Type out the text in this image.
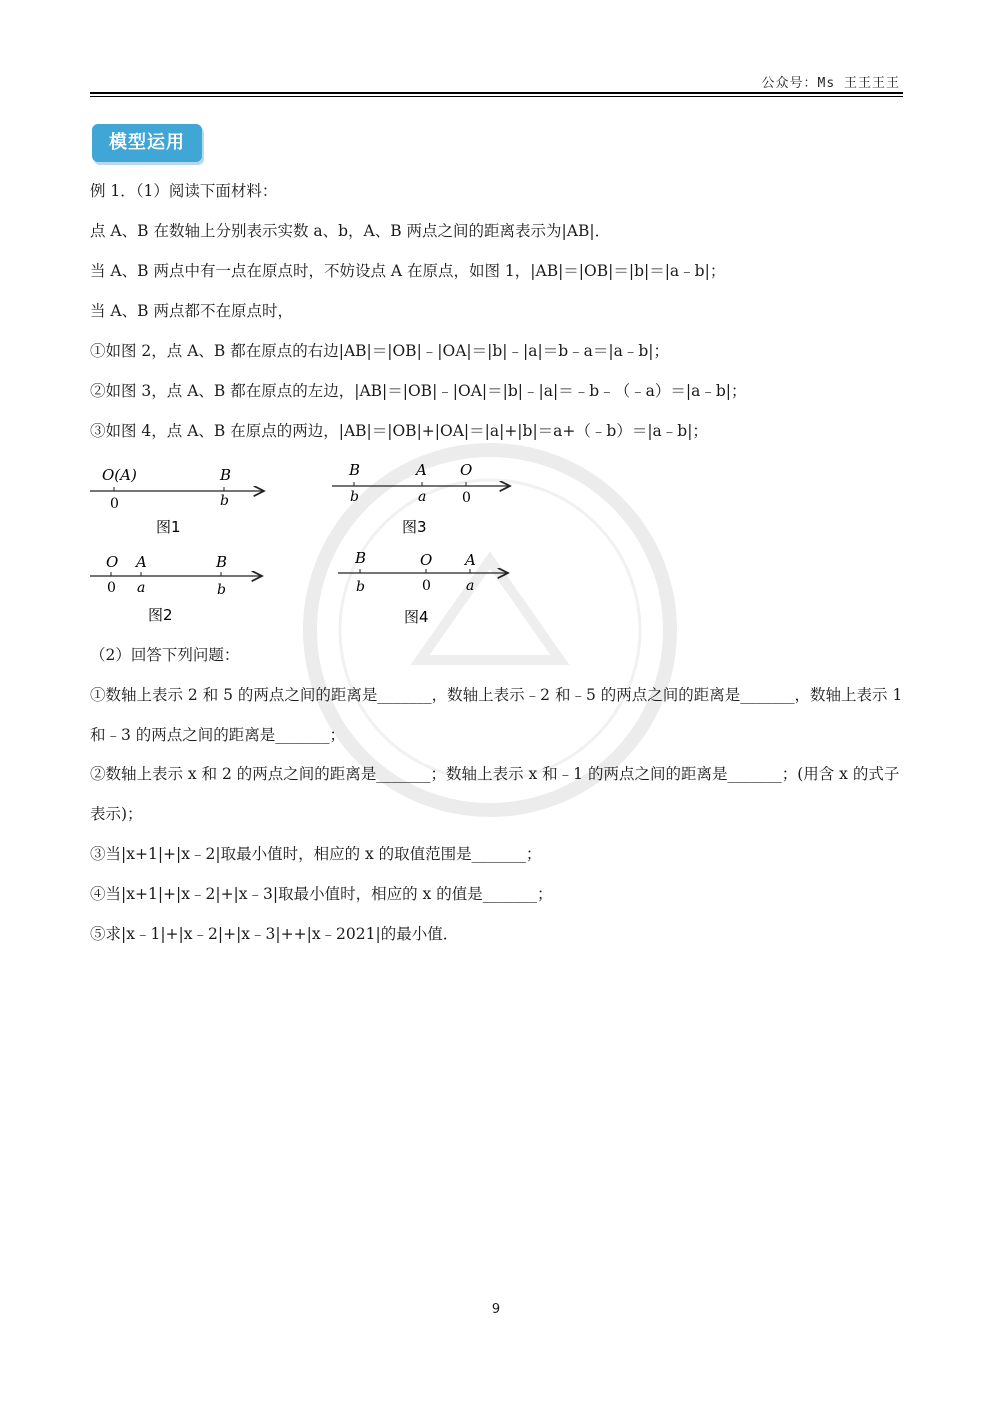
公众号：Ms 王王王王
模型运用
例 1．（1）阅读下面材料：
点 A、B 在数轴上分别表示实数 a、b，A、B 两点之间的距离表示为|AB|．
当 A、B 两点中有一点在原点时，不妨设点 A 在原点，如图 1，|AB|＝|OB|＝|b|＝|a﹣b|；
当 A、B 两点都不在原点时，
①如图 2，点 A、B 都在原点的右边|AB|＝|OB|﹣|OA|＝|b|﹣|a|＝b﹣a＝|a﹣b|；
②如图 3，点 A、B 都在原点的左边，|AB|＝|OB|﹣|OA|＝|b|﹣|a|＝﹣b﹣（﹣a）＝|a﹣b|；
③如图 4，点 A、B 在原点的两边，|AB|＝|OB|+|OA|＝|a|+|b|＝a+（﹣b）＝|a﹣b|；
O(A)	B
0	b
图1
B	A O
b	a	0
图3
O A	B
0 a	b
图2
B	O A
b	0	a
图4
（2）回答下列问题：
①数轴上表示 2 和 5 的两点之间的距离是_______，数轴上表示﹣2 和﹣5 的两点之间的距离是_______，数轴上表示 1 和﹣3 的两点之间的距离是_______；
②数轴上表示 x 和 2 的两点之间的距离是_______；数轴上表示 x 和﹣1 的两点之间的距离是_______；(用含 x 的式子表示)；
③当|x+1|+|x﹣2|取最小值时，相应的 x 的取值范围是_______；
④当|x+1|+|x﹣2|+|x﹣3|取最小值时，相应的 x 的值是_______；
⑤求|x﹣1|+|x﹣2|+|x﹣3|++|x﹣2021|的最小值．
9
